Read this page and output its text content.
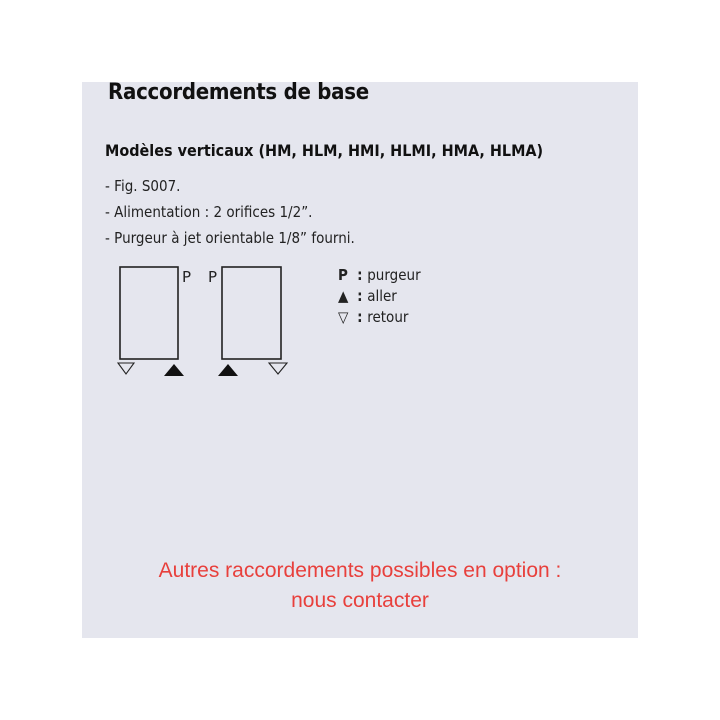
Raccordements de base
Modèles verticaux (HM, HLM, HMI, HLMI, HMA, HLMA)
- Fig. S007.
- Alimentation : 2 orifices 1/2”.
- Purgeur à jet orientable 1/8” fourni.
P P	P : purgeur
▲ : aller
▽ : retour
Autres raccordements possibles en option :
nous contacter
